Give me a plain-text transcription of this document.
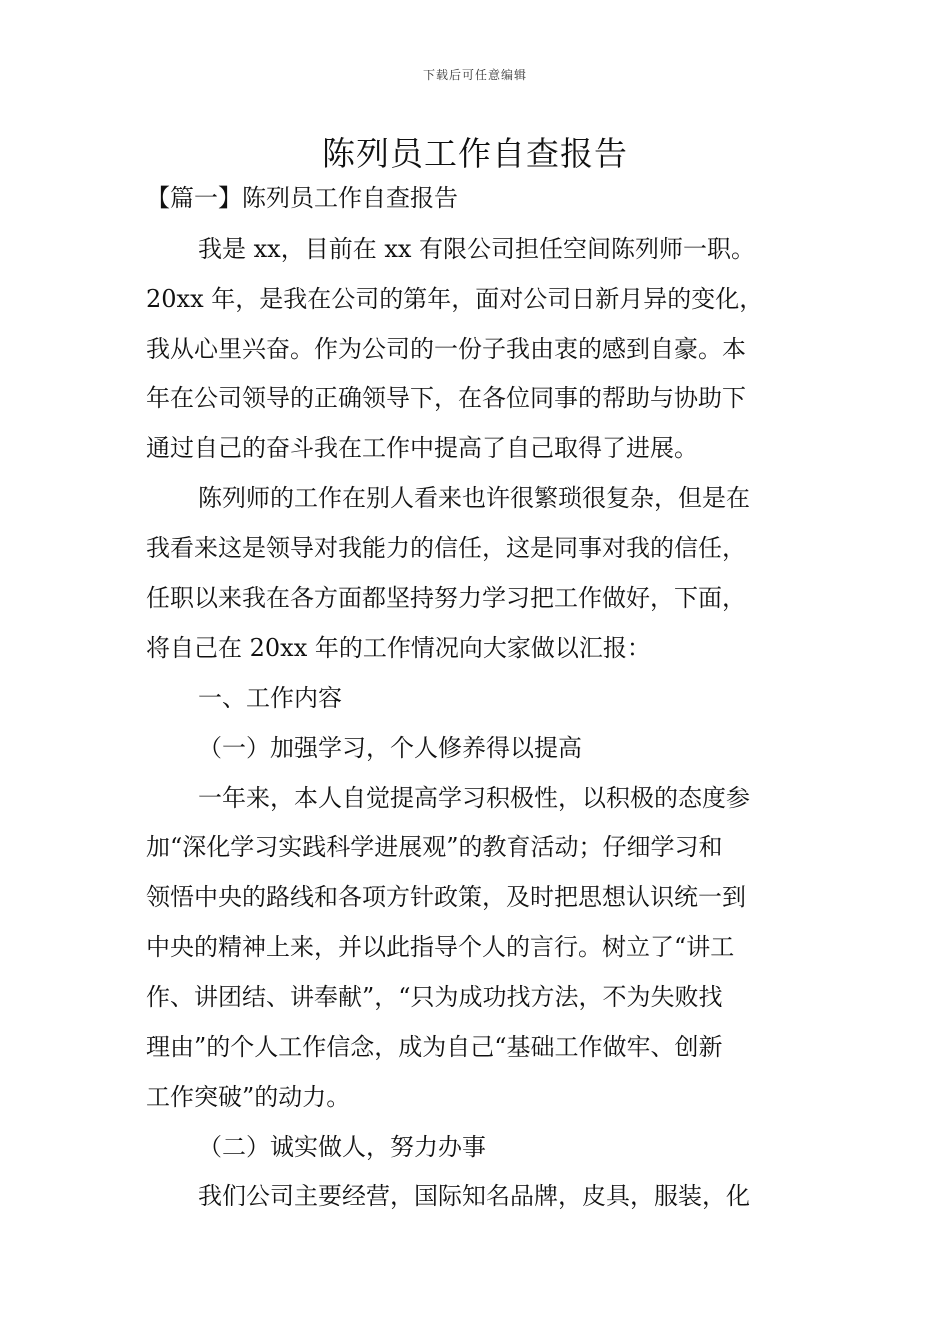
下载后可任意编辑
陈列员工作自查报告
【篇一】陈列员工作自查报告

我是 xx，目前在 xx 有限公司担任空间陈列师一职。

20xx 年，是我在公司的第年，面对公司日新月异的变化，

我从心里兴奋。作为公司的一份子我由衷的感到自豪。本

年在公司领导的正确领导下，在各位同事的帮助与协助下

通过自己的奋斗我在工作中提高了自己取得了进展。

陈列师的工作在别人看来也许很繁琐很复杂，但是在

我看来这是领导对我能力的信任，这是同事对我的信任，

任职以来我在各方面都坚持努力学习把工作做好，下面，

将自己在 20xx 年的工作情况向大家做以汇报：

一、工作内容

（一）加强学习，个人修养得以提高

一年来，本人自觉提高学习积极性，以积极的态度参

加“深化学习实践科学进展观”的教育活动；仔细学习和

领悟中央的路线和各项方针政策，及时把思想认识统一到

中央的精神上来，并以此指导个人的言行。树立了“讲工

作、讲团结、讲奉献”，“只为成功找方法，不为失败找

理由”的个人工作信念，成为自己“基础工作做牢、创新

工作突破”的动力。

（二）诚实做人，努力办事

我们公司主要经营，国际知名品牌，皮具，服装，化
